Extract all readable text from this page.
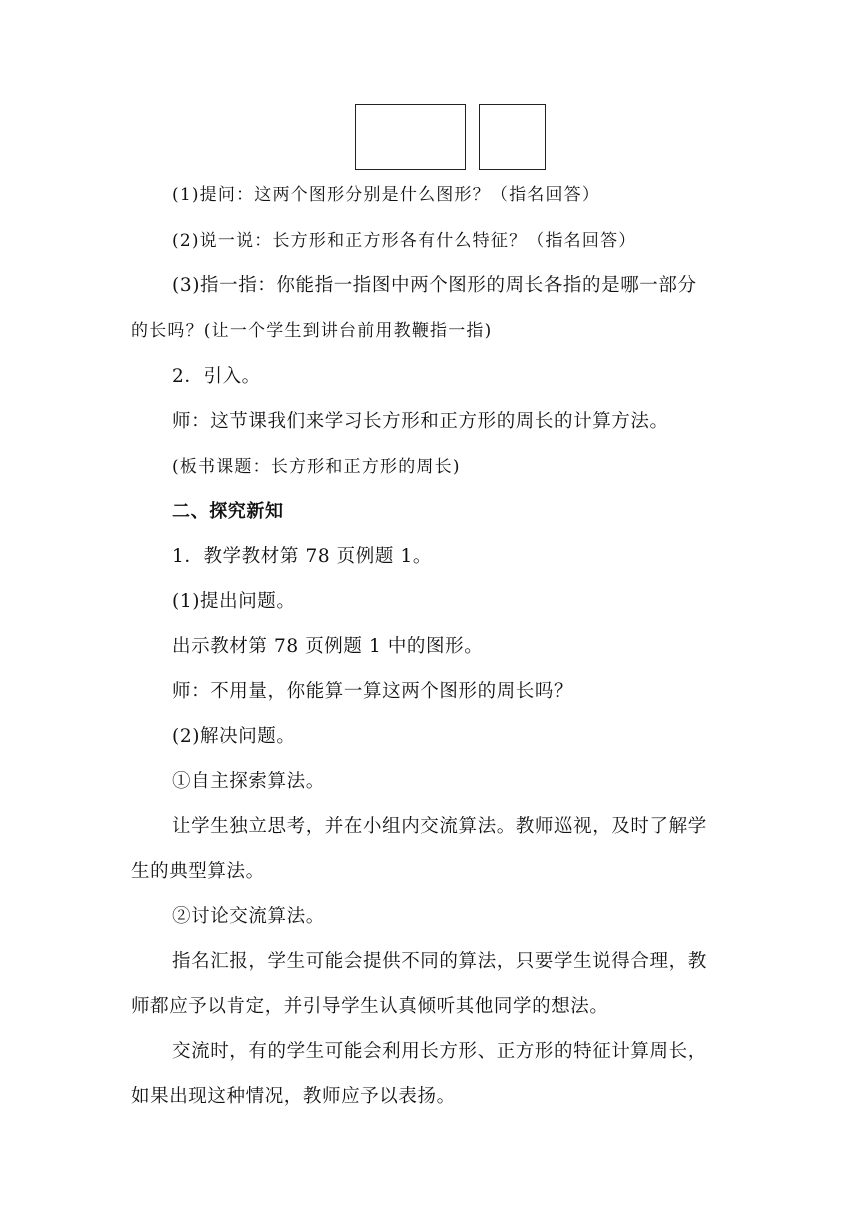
(1)提问：这两个图形分别是什么图形？（指名回答）
(2)说一说：长方形和正方形各有什么特征？（指名回答）
(3)指一指：你能指一指图中两个图形的周长各指的是哪一部分
的长吗？(让一个学生到讲台前用教鞭指一指)
2．引入。
师：这节课我们来学习长方形和正方形的周长的计算方法。
(板书课题：长方形和正方形的周长)
二、探究新知
1．教学教材第 78 页例题 1。
(1)提出问题。
出示教材第 78 页例题 1 中的图形。
师：不用量，你能算一算这两个图形的周长吗？
(2)解决问题。
①自主探索算法。
让学生独立思考，并在小组内交流算法。教师巡视，及时了解学
生的典型算法。
②讨论交流算法。
指名汇报，学生可能会提供不同的算法，只要学生说得合理，教
师都应予以肯定，并引导学生认真倾听其他同学的想法。
交流时，有的学生可能会利用长方形、正方形的特征计算周长，
如果出现这种情况，教师应予以表扬。
